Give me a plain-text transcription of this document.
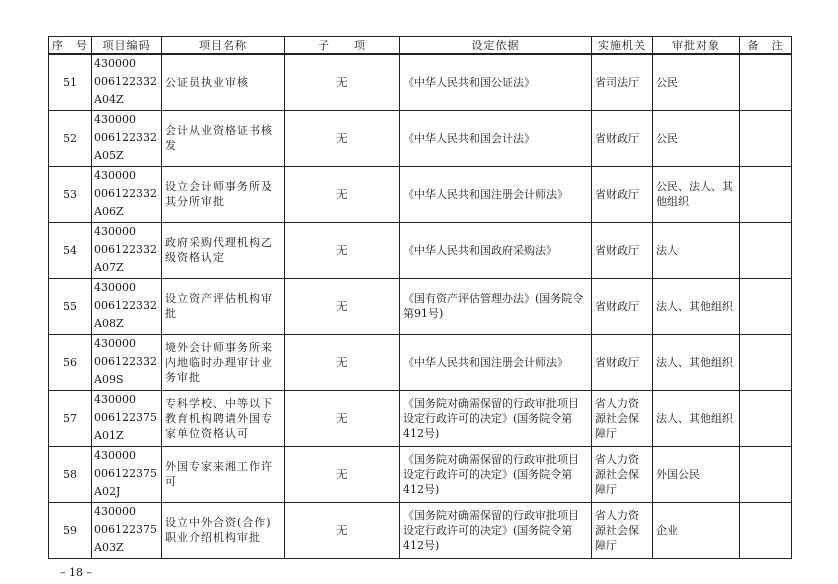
序　号	项目编码	项目名称	子　　项	设定依据	实施机关	审批对象	备　注
51	430000
006122332
A04Z	公证员执业审核	无	《中华人民共和国公证法》	省司法厅	公民	
52	430000
006122332
A05Z	会计从业资格证书核发	无	《中华人民共和国会计法》	省财政厅	公民	
53	430000
006122332
A06Z	设立会计师事务所及其分所审批	无	《中华人民共和国注册会计师法》	省财政厅	公民、法人、其他组织	
54	430000
006122332
A07Z	政府采购代理机构乙级资格认定	无	《中华人民共和国政府采购法》	省财政厅	法人	
55	430000
006122332
A08Z	设立资产评估机构审批	无	《国有资产评估管理办法》(国务院令第91号)	省财政厅	法人、其他组织	
56	430000
006122332
A09S	境外会计师事务所来内地临时办理审计业务审批	无	《中华人民共和国注册会计师法》	省财政厅	法人、其他组织	
57	430000
006122375
A01Z	专科学校、中等以下教育机构聘请外国专家单位资格认可	无	《国务院对确需保留的行政审批项目设定行政许可的决定》(国务院令第412号)	省人力资源社会保障厅	法人、其他组织	
58	430000
006122375
A02J	外国专家来湘工作许可	无	《国务院对确需保留的行政审批项目设定行政许可的决定》(国务院令第412号)	省人力资源社会保障厅	外国公民	
59	430000
006122375
A03Z	设立中外合资(合作)职业介绍机构审批	无	《国务院对确需保留的行政审批项目设定行政许可的决定》(国务院令第412号)	省人力资源社会保障厅	企业	
– 18 –
